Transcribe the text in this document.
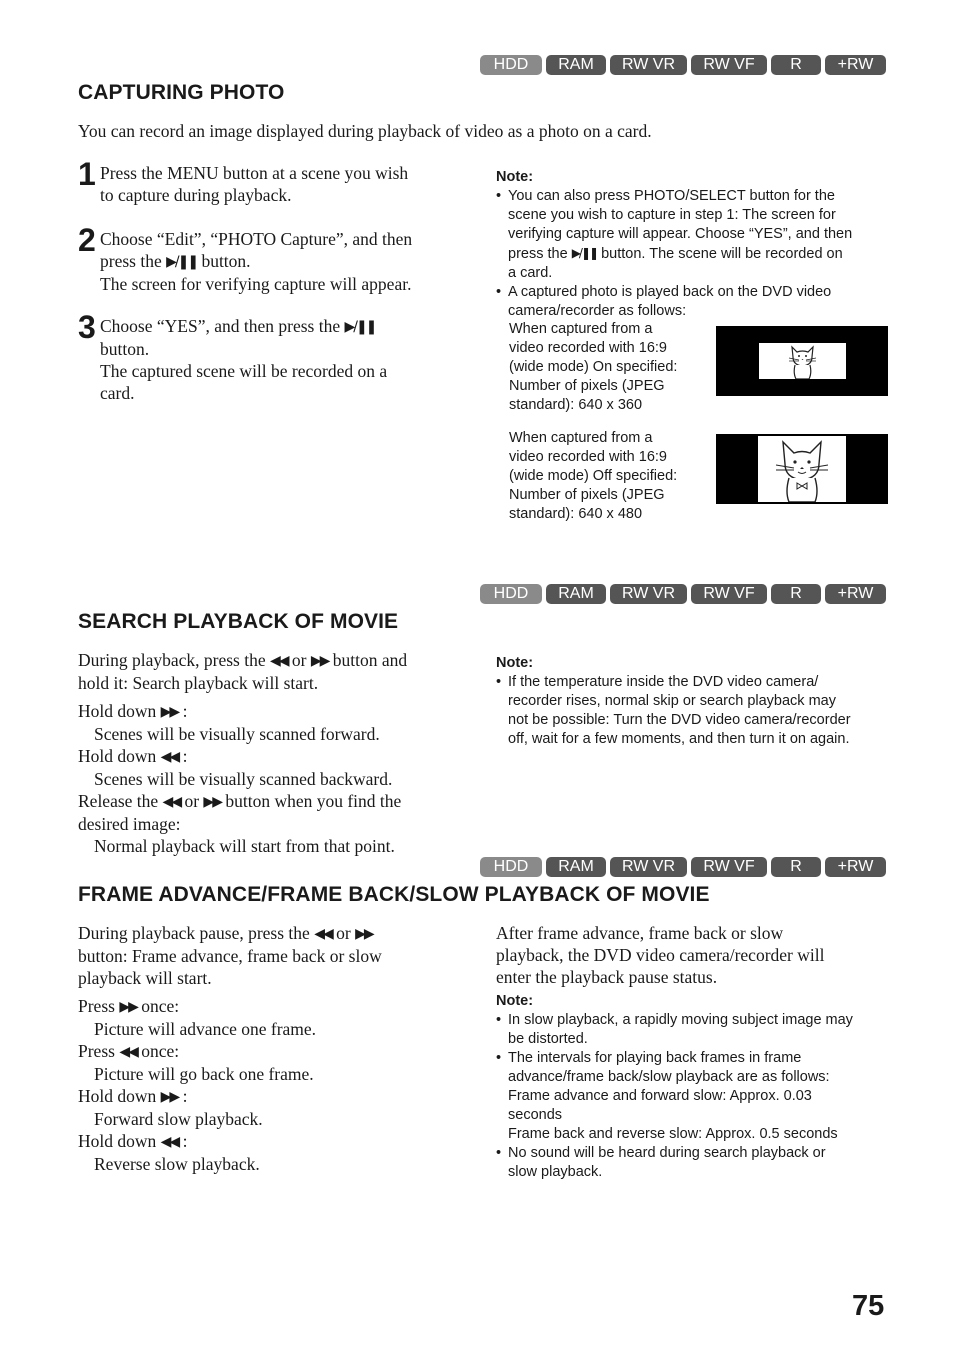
HDD	RAM	RW VR	RW VF	R	+RW
HDD	RAM	RW VR	RW VF	R	+RW
HDD	RAM	RW VR	RW VF	R	+RW
CAPTURING PHOTO
You can record an image displayed during playback of video as a photo on a card.
1 Press the MENU button at a scene you wish
to capture during playback.
2 Choose “Edit”, “PHOTO Capture”, and then
press the ▶/❚❚ button.
The screen for verifying capture will appear.
3 Choose “YES”, and then press the ▶/❚❚
button.
The captured scene will be recorded on a
card.
Note:
• You can also press PHOTO/SELECT button for the
scene you wish to capture in step 1: The screen for
verifying capture will appear. Choose “YES”, and then
press the ▶/❚❚ button. The scene will be recorded on
a card.
• A captured photo is played back on the DVD video
camera/recorder as follows:
When captured from a
video recorded with 16:9
(wide mode) On specified:
Number of pixels (JPEG
standard): 640 x 360
When captured from a
video recorded with 16:9
(wide mode) Off specified:
Number of pixels (JPEG
standard): 640 x 480
SEARCH PLAYBACK OF MOVIE
During playback, press the ◀◀ or ▶▶ button and
hold it: Search playback will start.
Hold down ▶▶ :
Scenes will be visually scanned forward.
Hold down ◀◀ :
Scenes will be visually scanned backward.
Release the ◀◀ or ▶▶ button when you find the
desired image:
Normal playback will start from that point.
Note:
• If the temperature inside the DVD video camera/
recorder rises, normal skip or search playback may
not be possible: Turn the DVD video camera/recorder
off, wait for a few moments, and then turn it on again.
FRAME ADVANCE/FRAME BACK/SLOW PLAYBACK OF MOVIE
During playback pause, press the ◀◀ or ▶▶
button: Frame advance, frame back or slow
playback will start.
Press ▶▶ once:
Picture will advance one frame.
Press ◀◀ once:
Picture will go back one frame.
Hold down ▶▶ :
Forward slow playback.
Hold down ◀◀ :
Reverse slow playback.
After frame advance, frame back or slow
playback, the DVD video camera/recorder will
enter the playback pause status.
Note:
• In slow playback, a rapidly moving subject image may
be distorted.
• The intervals for playing back frames in frame
advance/frame back/slow playback are as follows:
Frame advance and forward slow: Approx. 0.03
seconds
Frame back and reverse slow: Approx. 0.5 seconds
• No sound will be heard during search playback or
slow playback.
75
